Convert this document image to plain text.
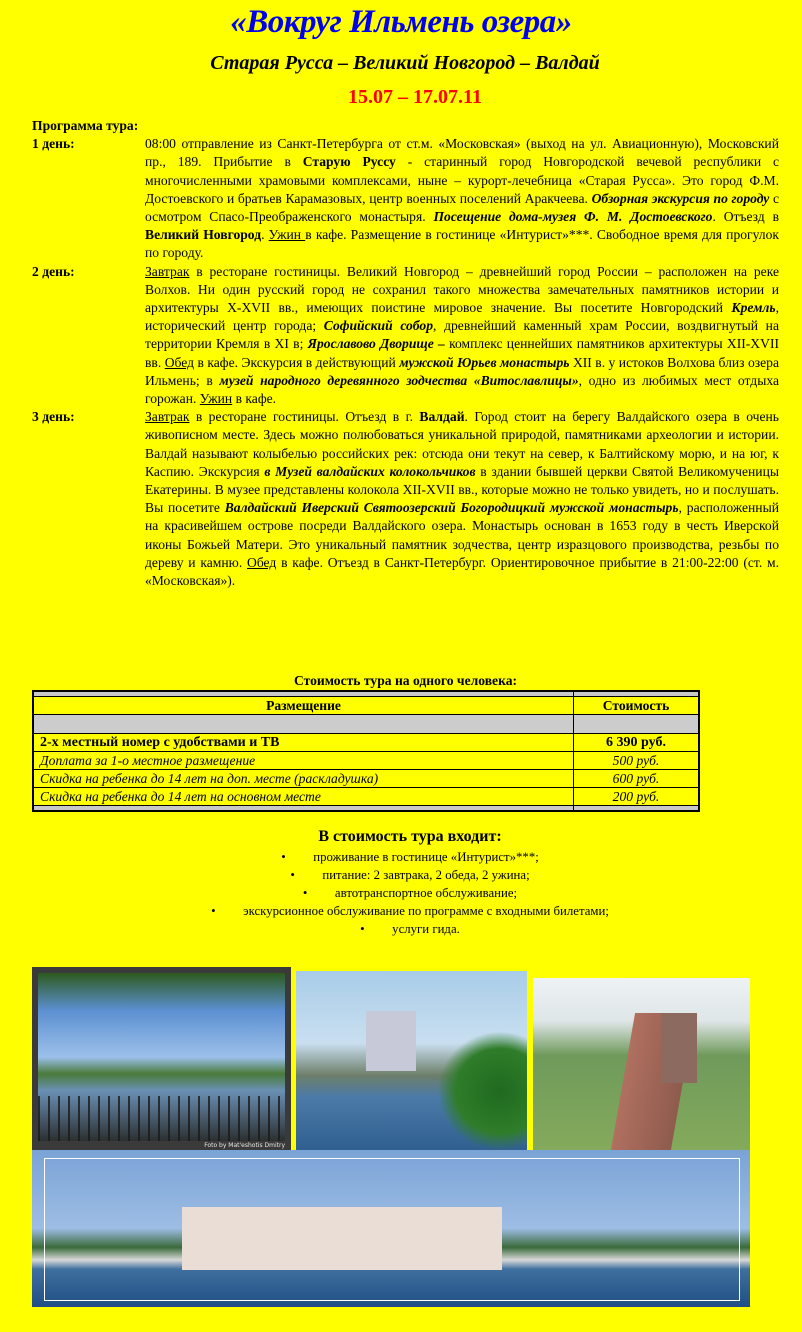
«Вокруг Ильмень озера»
Старая Русса – Великий Новгород – Валдай
15.07 – 17.07.11
Программа тура:
1 день:	08:00 отправление из Санкт-Петербурга от ст.м. «Московская» (выход на ул. Авиационную), Московский пр., 189. Прибытие в Старую Руссу - старинный город Новгородской вечевой республики с многочисленными храмовыми комплексами, ныне – курорт-лечебница «Старая Русса». Это город Ф.М. Достоевского и братьев Карамазовых, центр военных поселений Аракчеева. Обзорная экскурсия по городу с осмотром Спасо-Преображенского монастыря. Посещение дома-музея Ф. М. Достоевского. Отъезд в Великий Новгород. Ужин в кафе. Размещение в гостинице «Интурист»***. Свободное время для прогулок по городу.
2 день:	Завтрак в ресторане гостиницы. Великий Новгород – древнейший город России – расположен на реке Волхов. Ни один русский город не сохранил такого множества замечательных памятников истории и архитектуры X-XVII вв., имеющих поистине мировое значение. Вы посетите Новгородский Кремль, исторический центр города; Софийский собор, древнейший каменный храм России, воздвигнутый на территории Кремля в XI в; Ярославово Дворище – комплекс ценнейших памятников архитектуры XII-XVII вв. Обед в кафе. Экскурсия в действующий мужской Юрьев монастырь XII в. у истоков Волхова близ озера Ильмень; в музей народного деревянного зодчества «Витославлицы», одно из любимых мест отдыха горожан. Ужин в кафе.
3 день:	Завтрак в ресторане гостиницы. Отъезд в г. Валдай. Город стоит на берегу Валдайского озера в очень живописном месте. Здесь можно полюбоваться уникальной природой, памятниками археологии и истории. Валдай называют колыбелью российских рек: отсюда они текут на север, к Балтийскому морю, и на юг, к Каспию. Экскурсия в Музей валдайских колокольчиков в здании бывшей церкви Святой Великомученицы Екатерины. В музее представлены колокола XII-XVII вв., которые можно не только увидеть, но и послушать. Вы посетите Валдайский Иверский Святоозерский Богородицкий мужской монастырь, расположенный на красивейшем острове посреди Валдайского озера. Монастырь основан в 1653 году в честь Иверской иконы Божьей Матери. Это уникальный памятник зодчества, центр изразцового производства, резьбы по дереву и камню. Обед в кафе. Отъезд в Санкт-Петербург. Ориентировочное прибытие в 21:00-22:00 (ст. м. «Московская»).
Стоимость тура на одного человека:

Размещение	Стоимость

2-х местный номер с удобствами и ТВ	6 390 руб.
Доплата за 1-о местное размещение	500 руб.
Скидка на ребенка до 14 лет на доп. месте (раскладушка)	600 руб.
Скидка на ребенка до 14 лет на основном месте	200 руб.

В стоимость тура входит:
• проживание в гостинице «Интурист»***;
• питание: 2 завтрака, 2 обеда, 2 ужина;
• автотранспортное обслуживание;
• экскурсионное обслуживание по программе с входными билетами;
• услуги гида.
Foto by Mat'eshotis Dmitry
